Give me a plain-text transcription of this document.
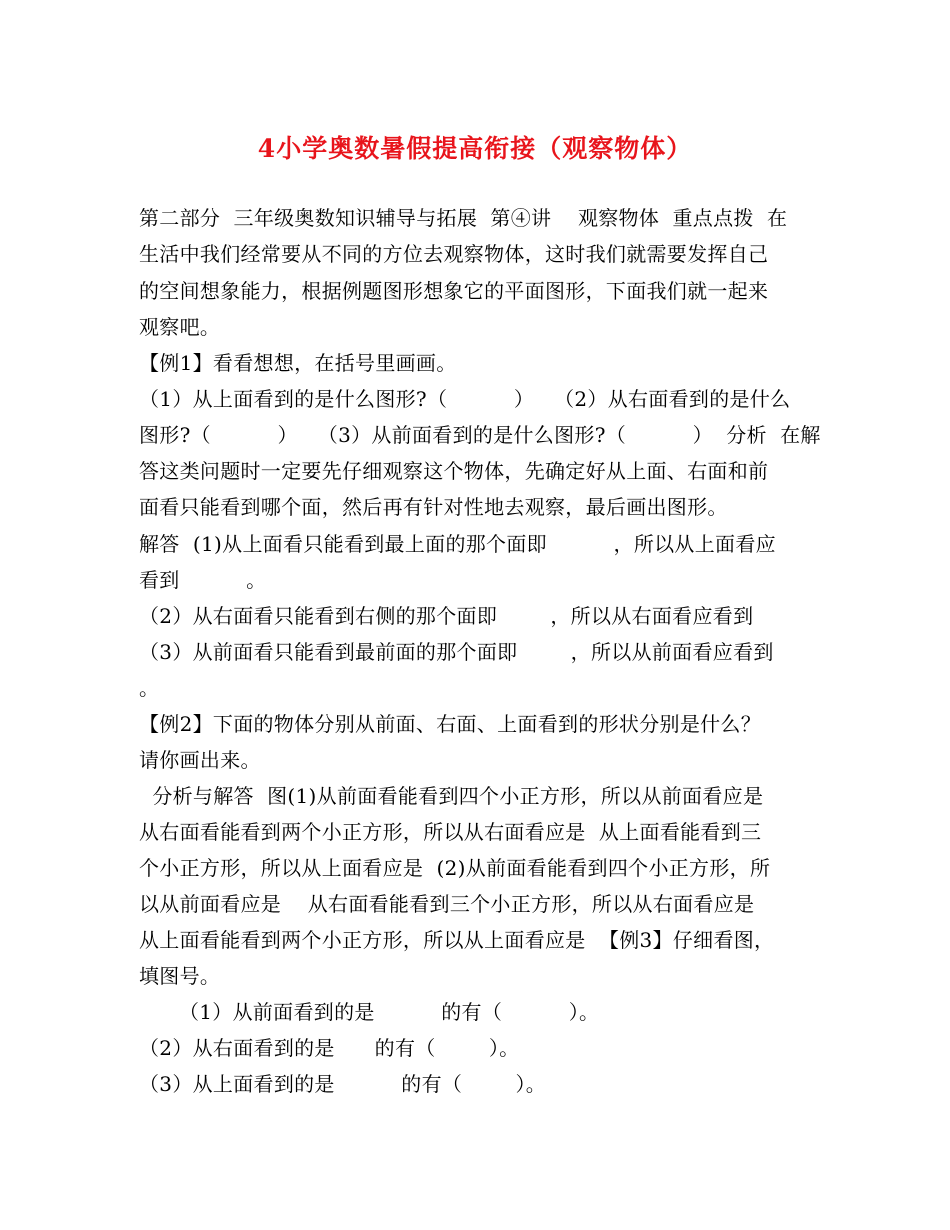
4小学奥数暑假提高衔接（观察物体）
第二部分  三年级奥数知识辅导与拓展  第④讲    观察物体  重点点拨  在
生活中我们经常要从不同的方位去观察物体，这时我们就需要发挥自己
的空间想象能力，根据例题图形想象它的平面图形，下面我们就一起来
观察吧。
【例1】看看想想，在括号里画画。
（1）从上面看到的是什么图形?（          ）   （2）从右面看到的是什么
图形?（          ）   （3）从前面看到的是什么图形?（          ）  分析  在解
答这类问题时一定要先仔细观察这个物体，先确定好从上面、右面和前
面看只能看到哪个面，然后再有针对性地去观察，最后画出图形。
解答  (1)从上面看只能看到最上面的那个面即          ，所以从上面看应
看到          。
（2）从右面看只能看到右侧的那个面即        ，所以从右面看应看到
（3）从前面看只能看到最前面的那个面即        ，所以从前面看应看到
。
【例2】下面的物体分别从前面、右面、上面看到的形状分别是什么？
请你画出来。
分析与解答  图(1)从前面看能看到四个小正方形，所以从前面看应是
从右面看能看到两个小正方形，所以从右面看应是  从上面看能看到三
个小正方形，所以从上面看应是  (2)从前面看能看到四个小正方形，所
以从前面看应是    从右面看能看到三个小正方形，所以从右面看应是
从上面看能看到两个小正方形，所以从上面看应是  【例3】仔细看图，
填图号。
（1）从前面看到的是          的有（          ）。
（2）从右面看到的是      的有（        ）。
（3）从上面看到的是          的有（        ）。
